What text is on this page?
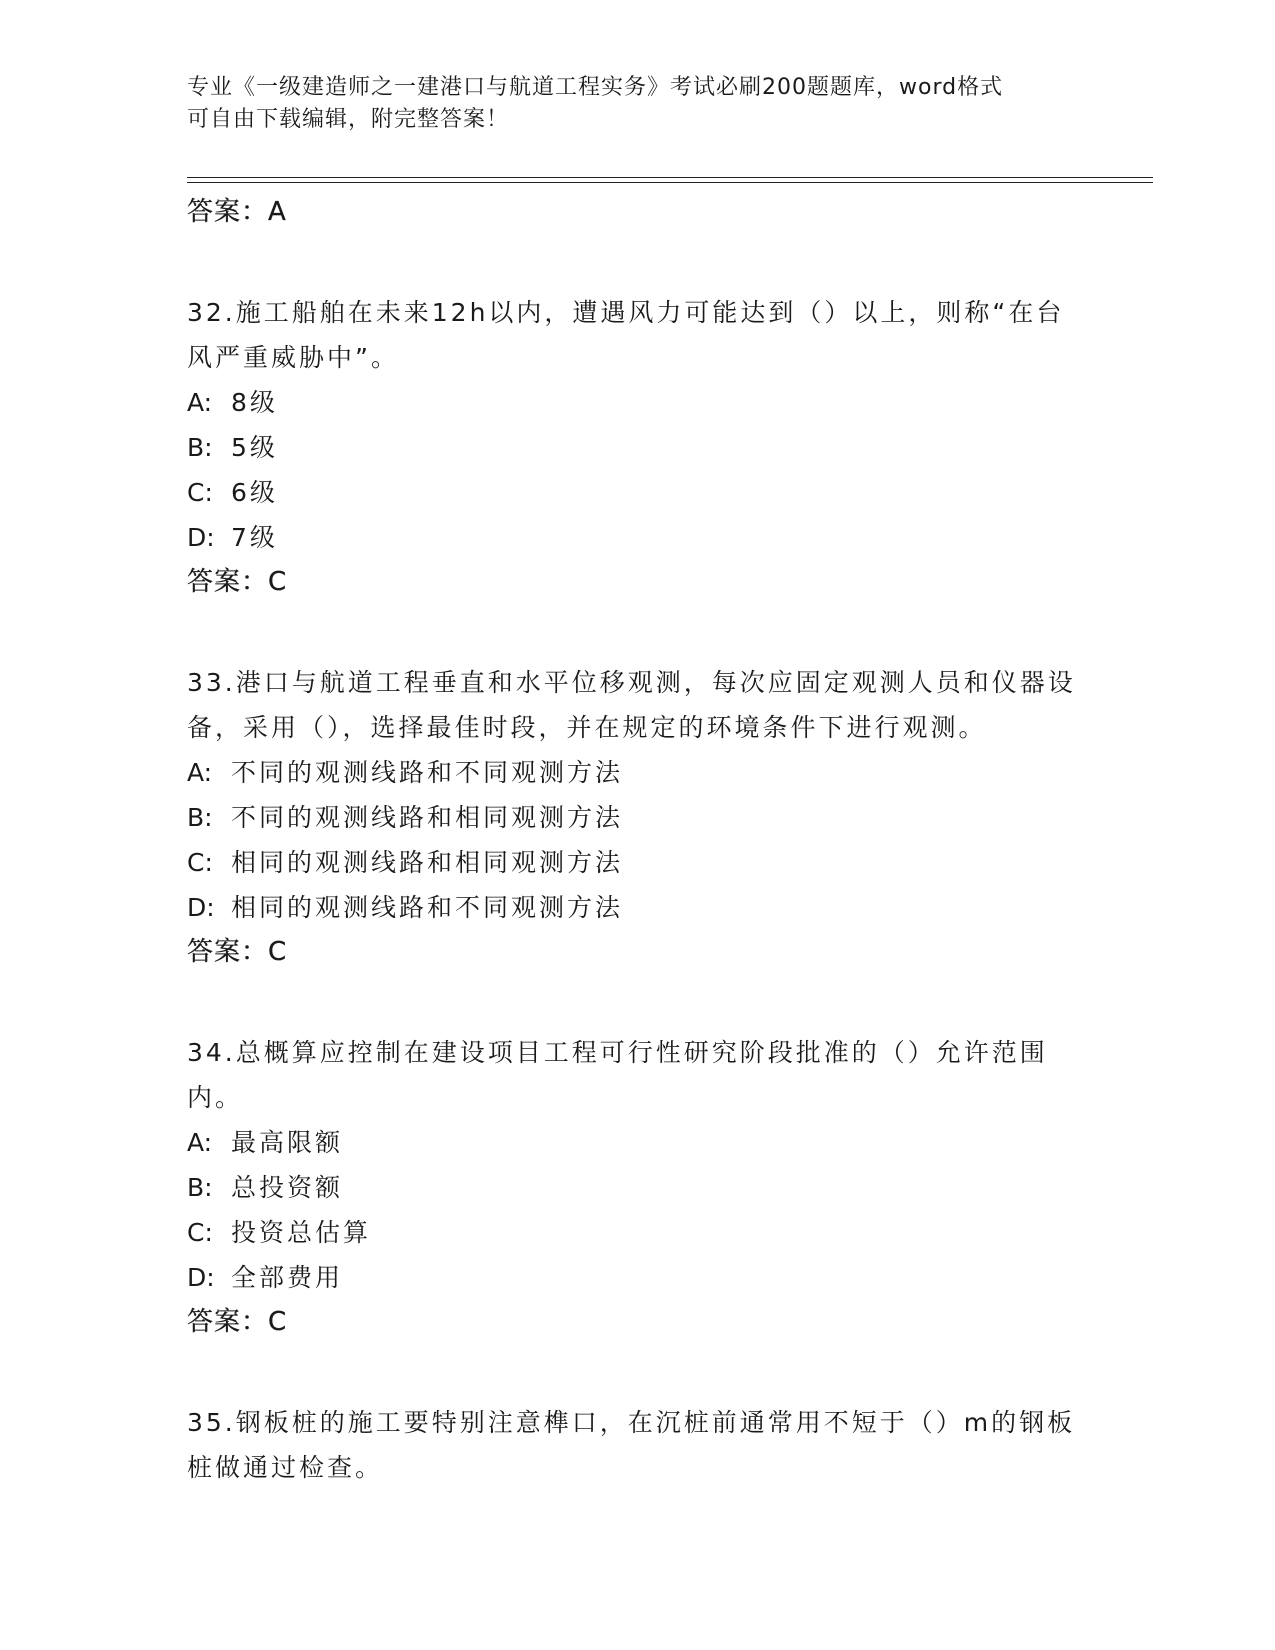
专业《一级建造师之一建港口与航道工程实务》考试必刷200题题库，word格式
可自由下载编辑，附完整答案！
答案：A
32.施工船舶在未来12h以内，遭遇风力可能达到（）以上，则称“在台风严重威胁中”。
A: 8级
B: 5级
C: 6级
D: 7级
答案：C
33.港口与航道工程垂直和水平位移观测，每次应固定观测人员和仪器设备，采用（），选择最佳时段，并在规定的环境条件下进行观测。
A: 不同的观测线路和不同观测方法
B: 不同的观测线路和相同观测方法
C: 相同的观测线路和相同观测方法
D: 相同的观测线路和不同观测方法
答案：C
34.总概算应控制在建设项目工程可行性研究阶段批准的（）允许范围内。
A: 最高限额
B: 总投资额
C: 投资总估算
D: 全部费用
答案：C
35.钢板桩的施工要特别注意榫口，在沉桩前通常用不短于（）m的钢板桩做通过检查。
